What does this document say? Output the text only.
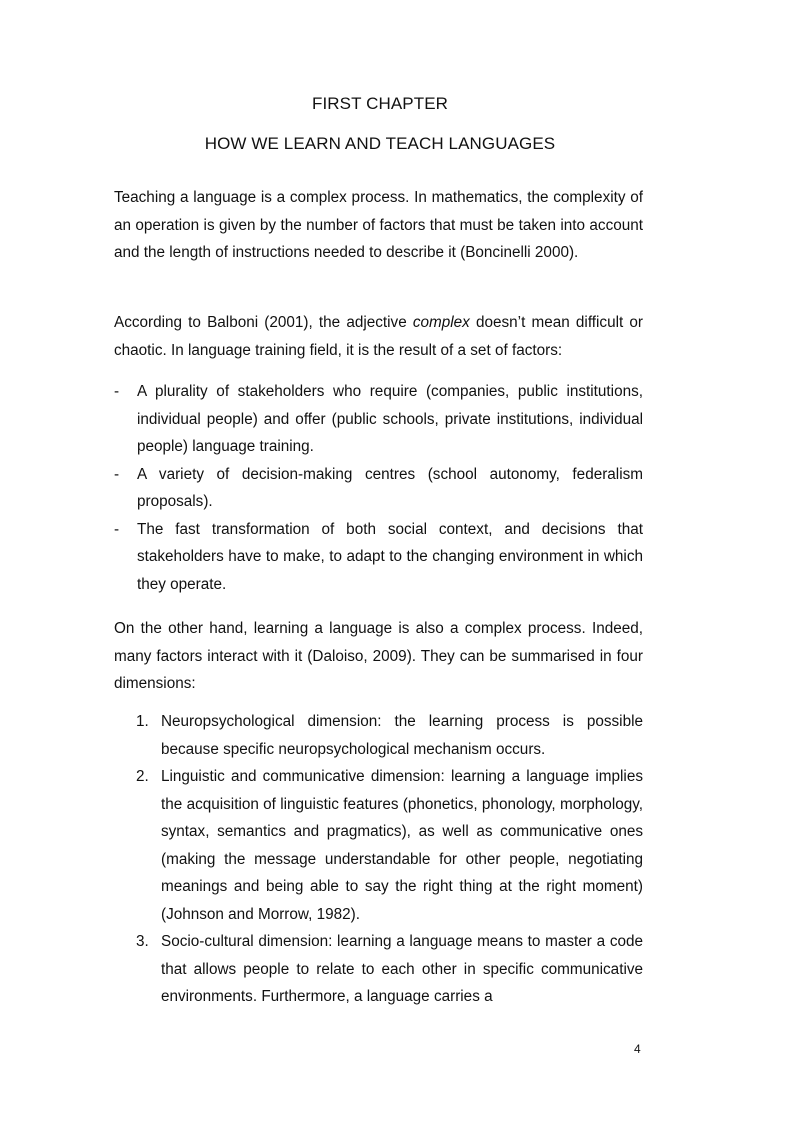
FIRST CHAPTER
HOW WE LEARN AND TEACH LANGUAGES

Teaching a language is a complex process. In mathematics, the complexity of an operation is given by the number of factors that must be taken into account and the length of instructions needed to describe it (Boncinelli 2000).

According to Balboni (2001), the adjective complex doesn’t mean difficult or chaotic. In language training field, it is the result of a set of factors:

- A plurality of stakeholders who require (companies, public institutions, individual people) and offer (public schools, private institutions, individual people) language training.
- A variety of decision-making centres (school autonomy, federalism proposals).
- The fast transformation of both social context, and decisions that stakeholders have to make, to adapt to the changing environment in which they operate.

On the other hand, learning a language is also a complex process. Indeed, many factors interact with it (Daloiso, 2009). They can be summarised in four dimensions:

1. Neuropsychological dimension: the learning process is possible because specific neuropsychological mechanism occurs.
2. Linguistic and communicative dimension: learning a language implies the acquisition of linguistic features (phonetics, phonology, morphology, syntax, semantics and pragmatics), as well as communicative ones (making the message understandable for other people, negotiating meanings and being able to say the right thing at the right moment) (Johnson and Morrow, 1982).
3. Socio-cultural dimension: learning a language means to master a code that allows people to relate to each other in specific communicative environments. Furthermore, a language carries a
4
